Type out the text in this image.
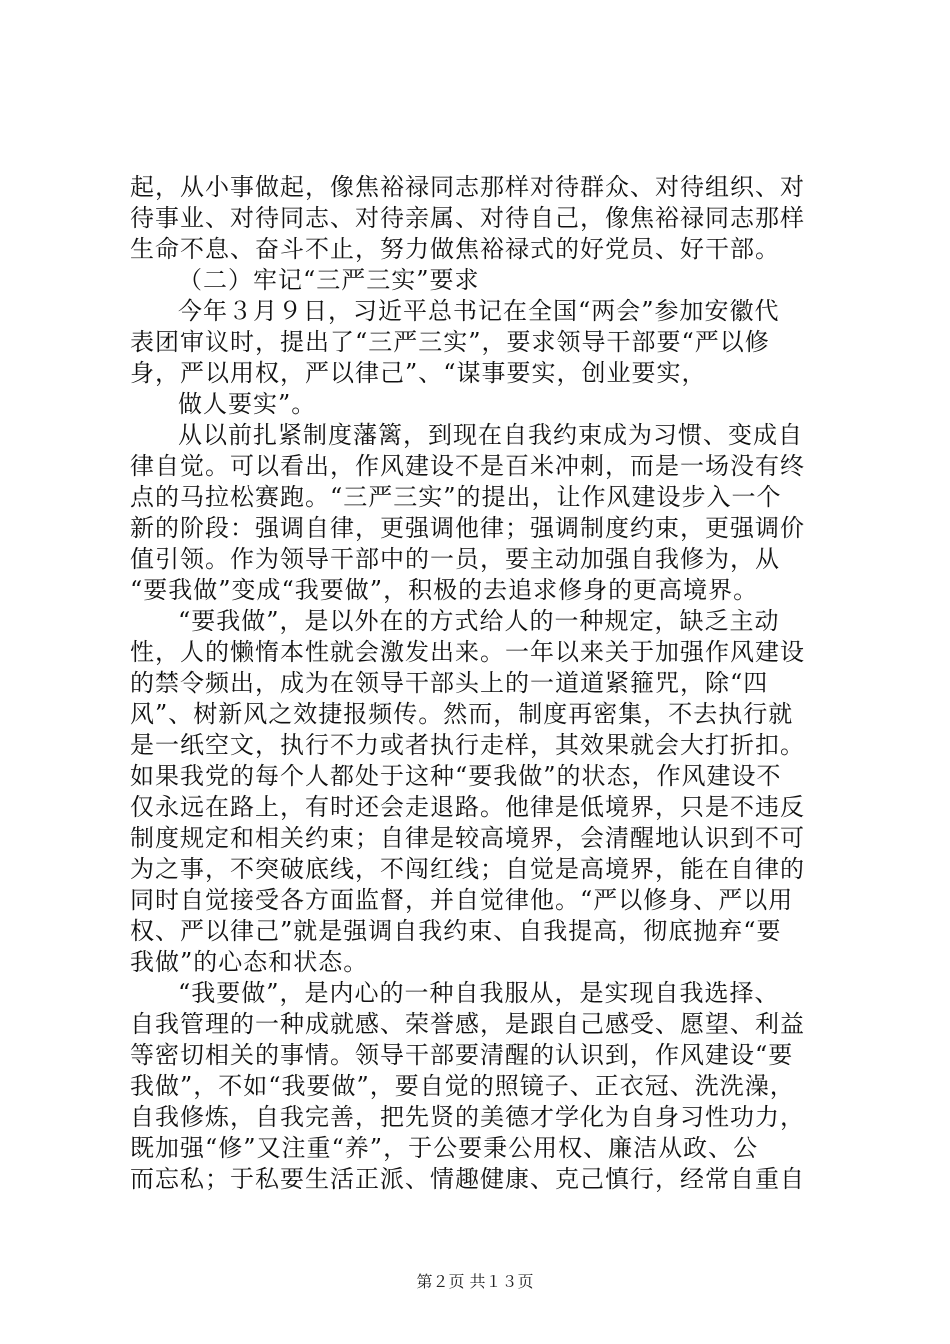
起，从小事做起，像焦裕禄同志那样对待群众、对待组织、对
待事业、对待同志、对待亲属、对待自己，像焦裕禄同志那样
生命不息、奋斗不止，努力做焦裕禄式的好党员、好干部。
（二）牢记“三严三实”要求
今年３月９日，习近平总书记在全国“两会”参加安徽代
表团审议时，提出了“三严三实”，要求领导干部要“严以修
身，严以用权，严以律己”、“谋事要实，创业要实，
做人要实”。
从以前扎紧制度藩篱，到现在自我约束成为习惯、变成自
律自觉。可以看出，作风建设不是百米冲刺，而是一场没有终
点的马拉松赛跑。“三严三实”的提出，让作风建设步入一个
新的阶段：强调自律，更强调他律；强调制度约束，更强调价
值引领。作为领导干部中的一员，要主动加强自我修为，从
“要我做”变成“我要做”，积极的去追求修身的更高境界。
“要我做”，是以外在的方式给人的一种规定，缺乏主动
性，人的懒惰本性就会激发出来。一年以来关于加强作风建设
的禁令频出，成为在领导干部头上的一道道紧箍咒，除“四
风”、树新风之效捷报频传。然而，制度再密集，不去执行就
是一纸空文，执行不力或者执行走样，其效果就会大打折扣。
如果我党的每个人都处于这种“要我做”的状态，作风建设不
仅永远在路上，有时还会走退路。他律是低境界，只是不违反
制度规定和相关约束；自律是较高境界，会清醒地认识到不可
为之事，不突破底线，不闯红线；自觉是高境界，能在自律的
同时自觉接受各方面监督，并自觉律他。“严以修身、严以用
权、严以律己”就是强调自我约束、自我提高，彻底抛弃“要
我做”的心态和状态。
“我要做”，是内心的一种自我服从，是实现自我选择、
自我管理的一种成就感、荣誉感，是跟自己感受、愿望、利益
等密切相关的事情。领导干部要清醒的认识到，作风建设“要
我做”，不如“我要做”，要自觉的照镜子、正衣冠、洗洗澡，
自我修炼，自我完善，把先贤的美德才学化为自身习性功力，
既加强“修”又注重“养”，于公要秉公用权、廉洁从政、公
而忘私；于私要生活正派、情趣健康、克己慎行，经常自重自
第２页 共１３页
